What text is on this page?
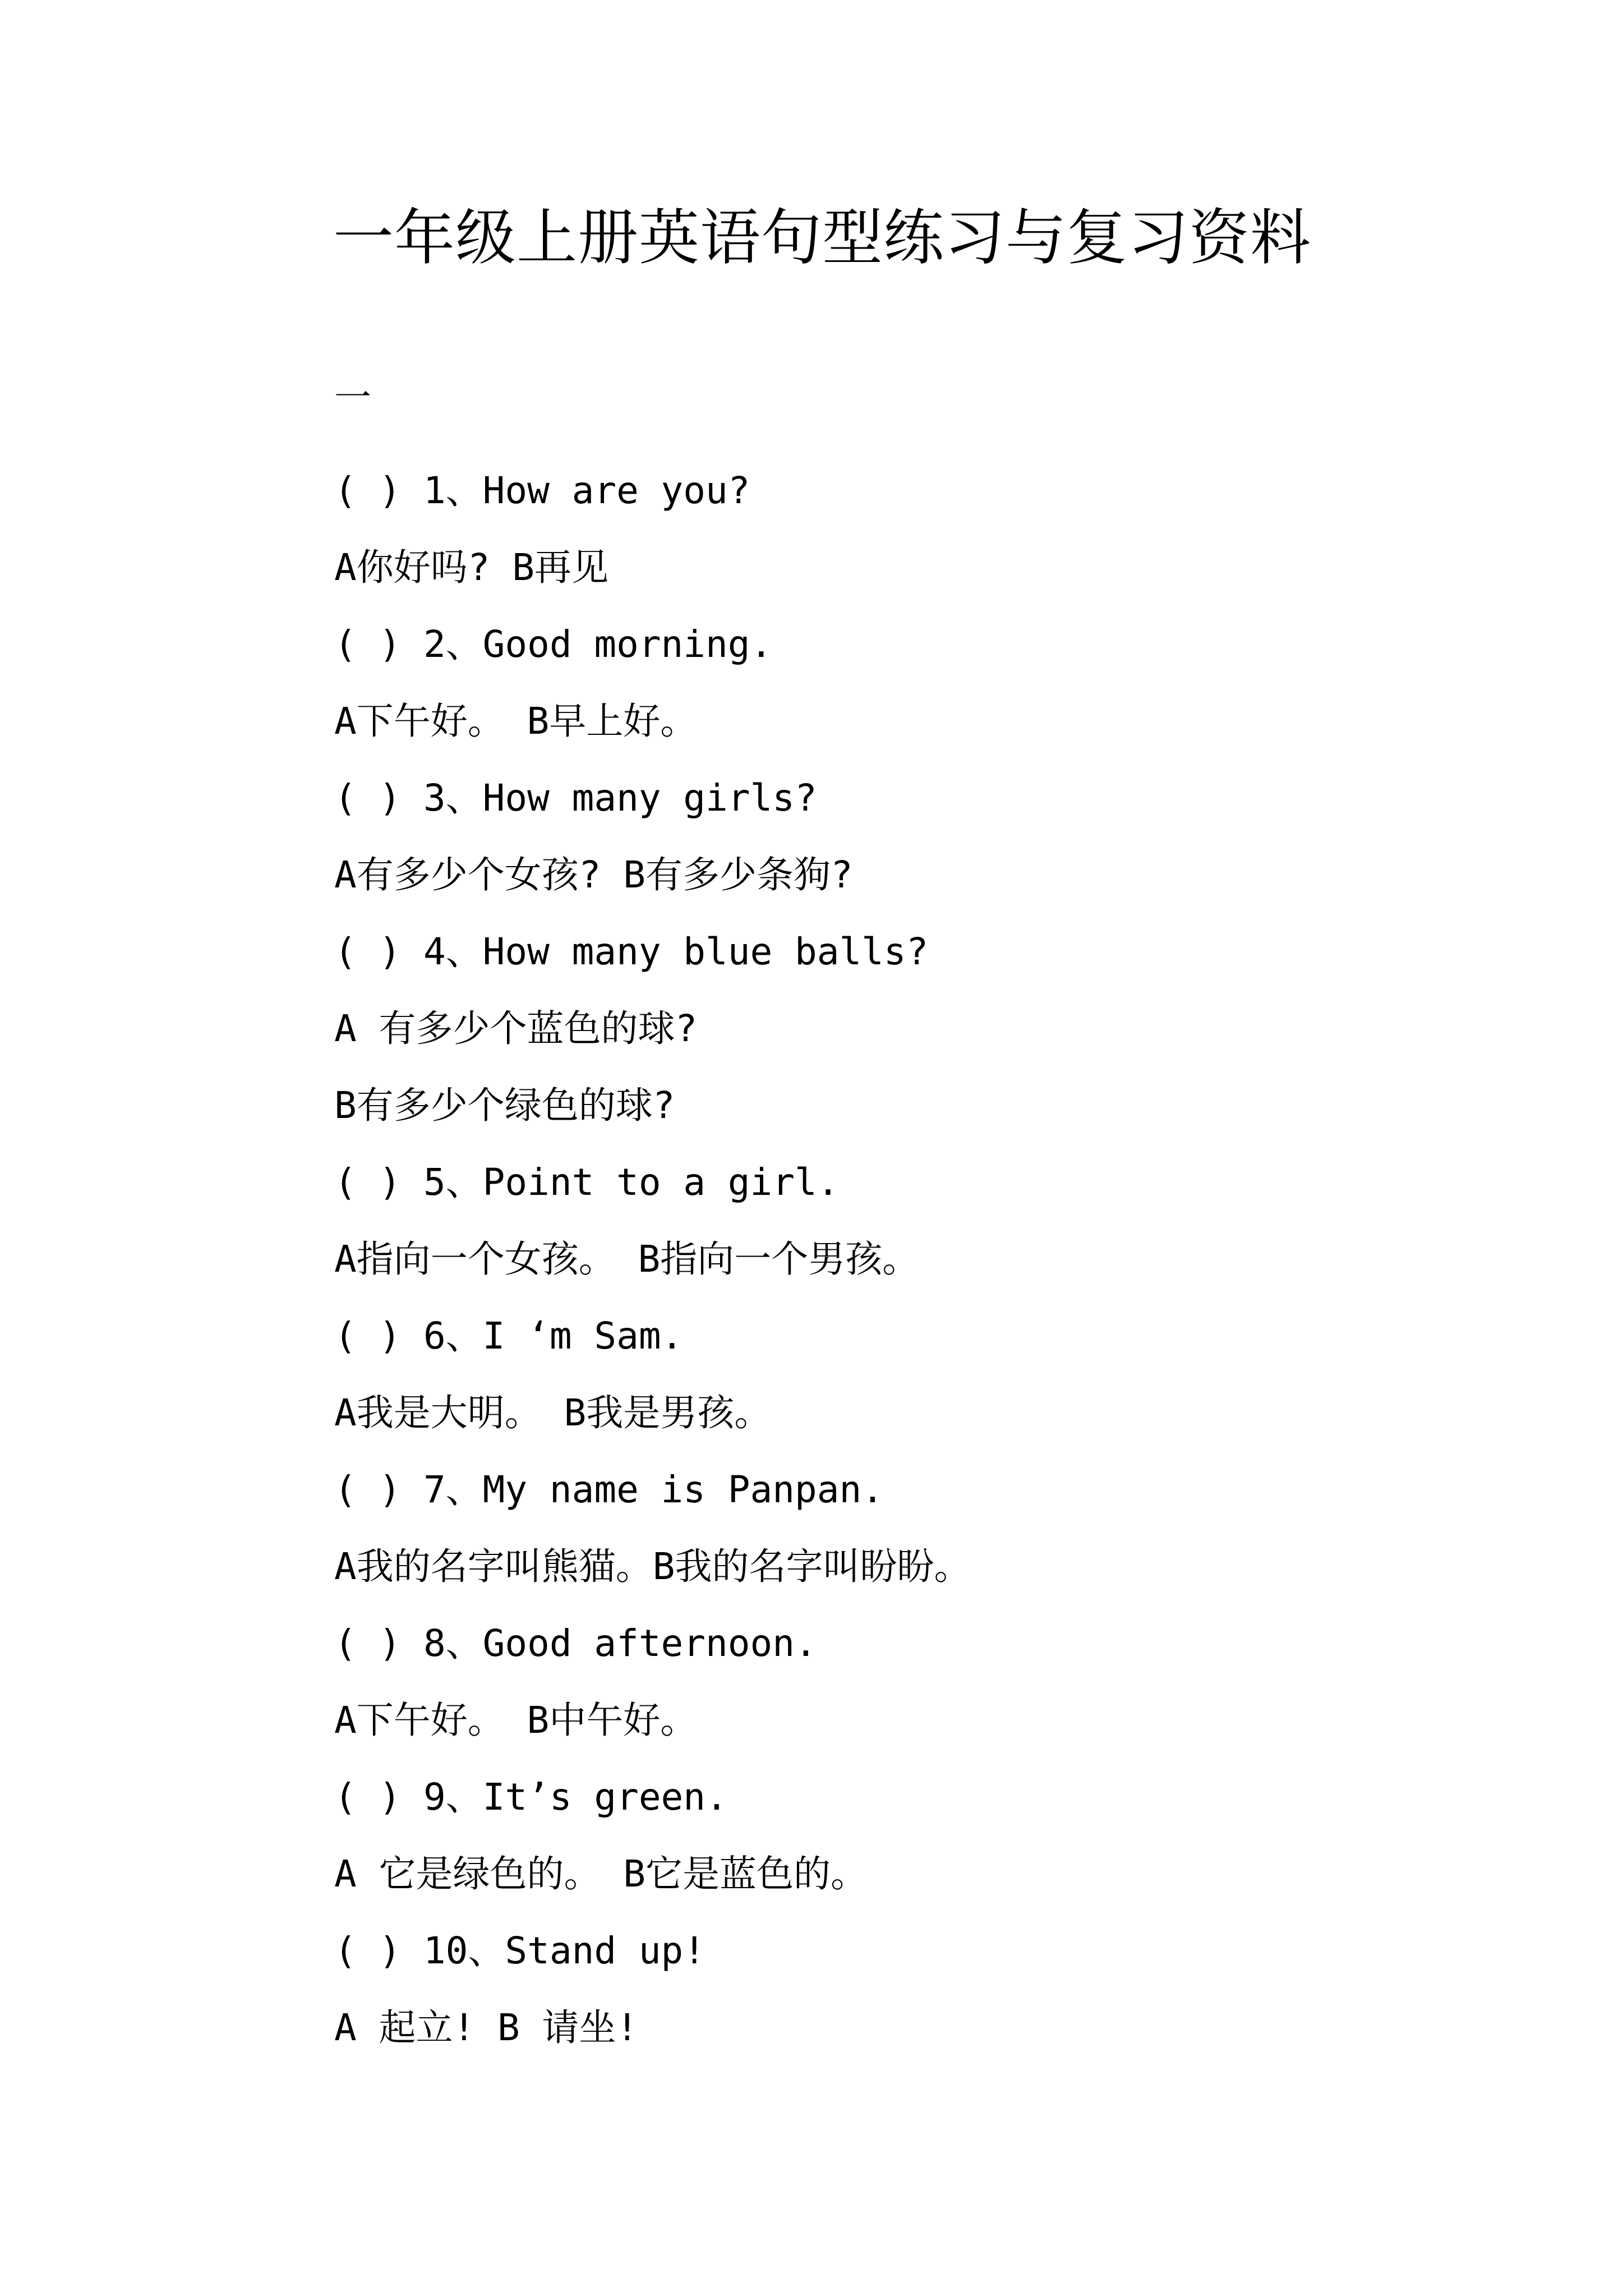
一年级上册英语句型练习与复习资料
一
( ) 1、How are you?
A你好吗? B再见
( ) 2、Good morning.
A下午好。 B早上好。
( ) 3、How many girls?
A有多少个女孩? B有多少条狗?
( ) 4、How many blue balls?
A 有多少个蓝色的球?
B有多少个绿色的球?
( ) 5、Point to a girl.
A指向一个女孩。 B指向一个男孩。
( ) 6、I ‘m Sam.
A我是大明。 B我是男孩。
( ) 7、My name is Panpan.
A我的名字叫熊猫。B我的名字叫盼盼。
( ) 8、Good afternoon.
A下午好。 B中午好。
( ) 9、It’s green.
A 它是绿色的。 B它是蓝色的。
( ) 10、Stand up!
A 起立! B 请坐!
